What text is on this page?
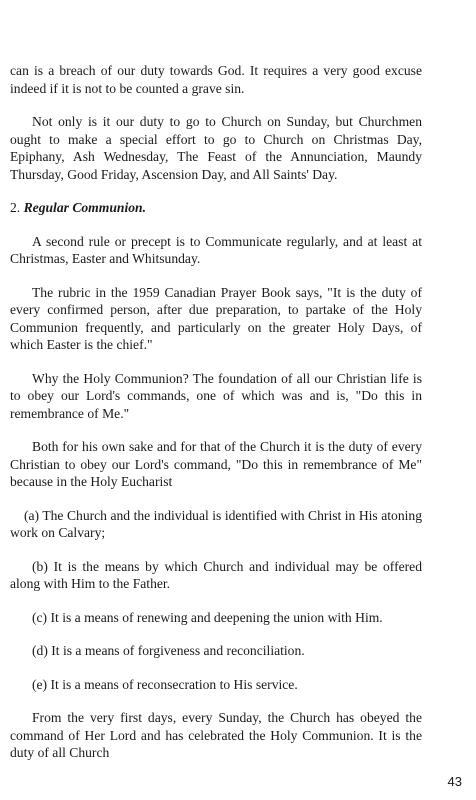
can is a breach of our duty towards God. It requires a very good excuse indeed if it is not to be counted a grave sin.

Not only is it our duty to go to Church on Sunday, but Churchmen ought to make a special effort to go to Church on Christmas Day, Epiphany, Ash Wednesday, The Feast of the Annunciation, Maundy Thursday, Good Friday, Ascension Day, and All Saints' Day.

2. Regular Communion.

A second rule or precept is to Communicate regularly, and at least at Christmas, Easter and Whitsunday.

The rubric in the 1959 Canadian Prayer Book says, "It is the duty of every confirmed person, after due preparation, to partake of the Holy Communion frequently, and particularly on the greater Holy Days, of which Easter is the chief."

Why the Holy Communion? The foundation of all our Christian life is to obey our Lord's commands, one of which was and is, "Do this in remembrance of Me."

Both for his own sake and for that of the Church it is the duty of every Christian to obey our Lord's command, "Do this in remembrance of Me" because in the Holy Eucharist

(a) The Church and the individual is identified with Christ in His atoning work on Calvary;

(b) It is the means by which Church and individual may be offered along with Him to the Father.

(c) It is a means of renewing and deepening the union with Him.

(d) It is a means of forgiveness and reconciliation.

(e) It is a means of reconsecration to His service.

From the very first days, every Sunday, the Church has obeyed the command of Her Lord and has celebrated the Holy Communion. It is the duty of all Church

43
